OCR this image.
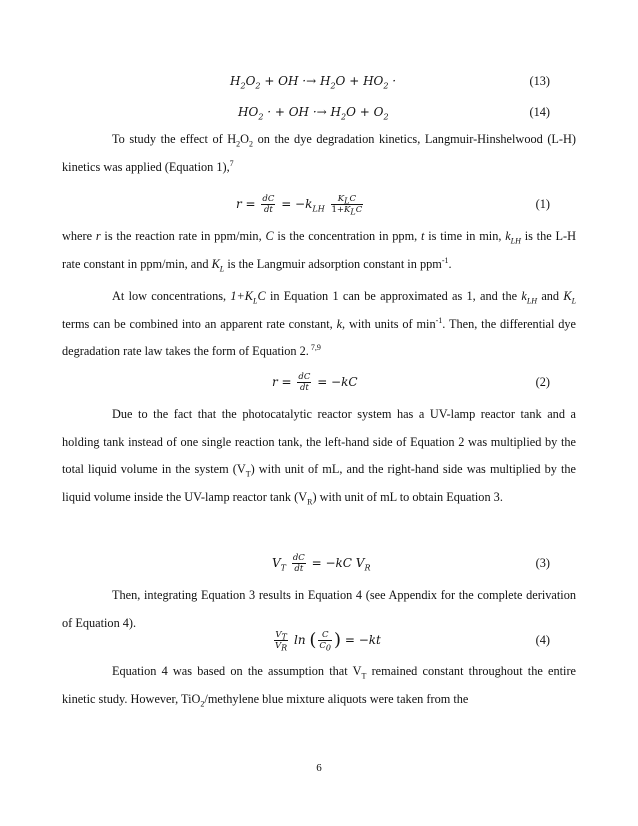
$H_2O_2$ + OH ·→ $H_2O + HO_2$ ·	(13)
$HO_2$ · + OH ·→ $H_2O + O_2$	(14)

To study the effect of $H_2O_2$ on the dye degradation kinetics, Langmuir-Hinshelwood (L-H) kinetics was applied (Equation 1),$^7$

$r = \frac{dC}{dt} = -k_{LH} \frac{K_LC}{1+K_LC}$	(1)

where r is the reaction rate in ppm/min, C is the concentration in ppm, t is time in min, $k_{LH}$ is the L-H rate constant in ppm/min, and $K_L$ is the Langmuir adsorption constant in ppm$^{-1}$.

At low concentrations, $1+K_LC$ in Equation 1 can be approximated as 1, and the $k_{LH}$ and $K_L$ terms can be combined into an apparent rate constant, k, with units of $\min^{-1}$. Then, the differential dye degradation rate law takes the form of Equation 2. $^{7,9}$

$r = \frac{dC}{dt} = -kC$	(2)

Due to the fact that the photocatalytic reactor system has a UV-lamp reactor tank and a holding tank instead of one single reaction tank, the left-hand side of Equation 2 was multiplied by the total liquid volume in the system $(V_T)$ with unit of mL, and the right-hand side was multiplied by the liquid volume inside the UV-lamp reactor tank $(V_R)$ with unit of mL to obtain Equation 3.

$V_T \frac{dC}{dt} = -kC$ $V_R$	(3)

Then, integrating Equation 3 results in Equation 4 (see Appendix for the complete derivation of Equation 4).

$\frac{V_T}{V_R}$ ln ( $\frac{C}{C_0}$ ) = −kt	(4)

Equation 4 was based on the assumption that $V_T$ remained constant throughout the entire kinetic study. However, TiO$_2$/methylene blue mixture aliquots were taken from the

6
